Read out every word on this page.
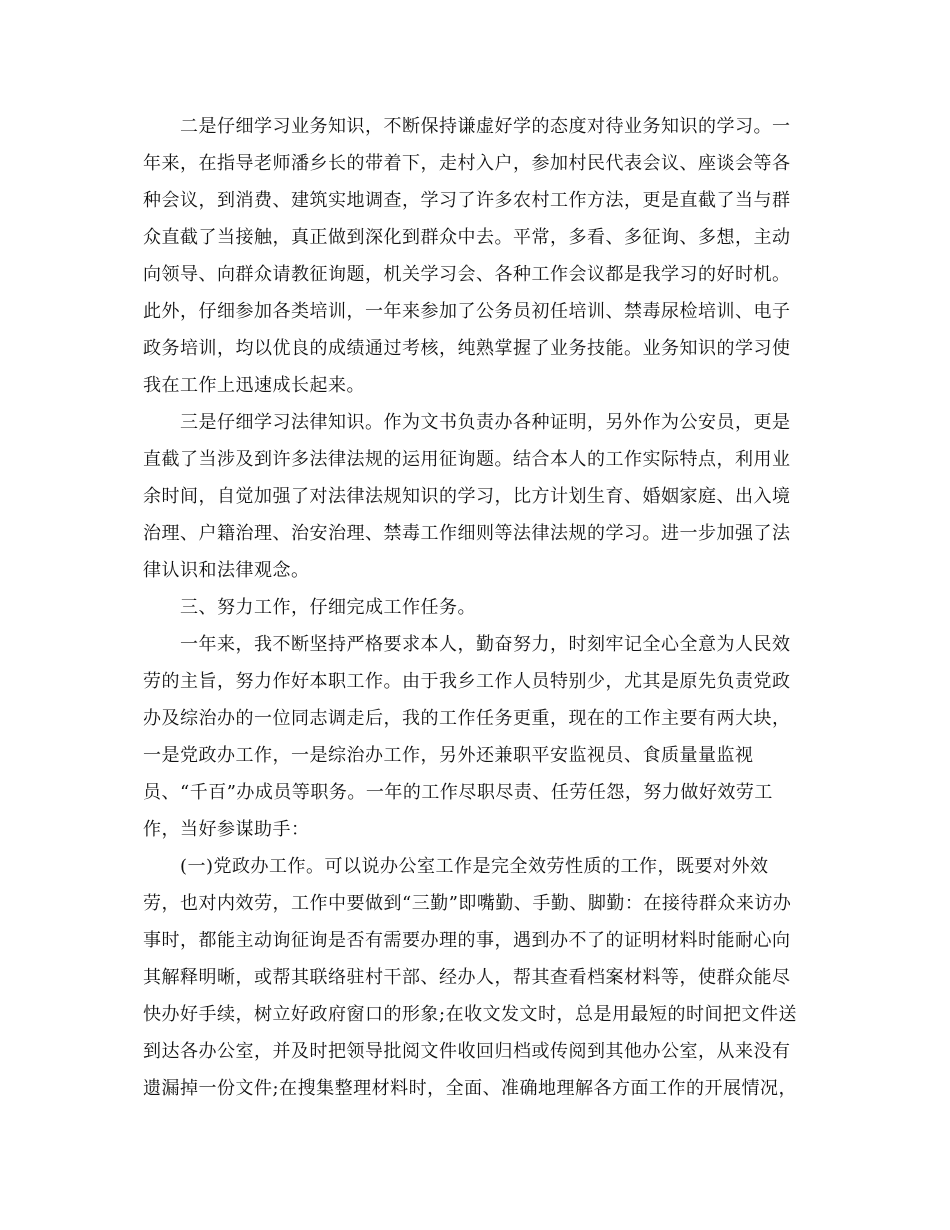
　　二是仔细学习业务知识，不断保持谦虚好学的态度对待业务知识的学习。一
年来，在指导老师潘乡长的带着下，走村入户，参加村民代表会议、座谈会等各
种会议，到消费、建筑实地调查，学习了许多农村工作方法，更是直截了当与群
众直截了当接触，真正做到深化到群众中去。平常，多看、多征询、多想，主动
向领导、向群众请教征询题，机关学习会、各种工作会议都是我学习的好时机。
此外，仔细参加各类培训，一年来参加了公务员初任培训、禁毒尿检培训、电子
政务培训，均以优良的成绩通过考核，纯熟掌握了业务技能。业务知识的学习使
我在工作上迅速成长起来。
　　三是仔细学习法律知识。作为文书负责办各种证明，另外作为公安员，更是
直截了当涉及到许多法律法规的运用征询题。结合本人的工作实际特点，利用业
余时间，自觉加强了对法律法规知识的学习，比方计划生育、婚姻家庭、出入境
治理、户籍治理、治安治理、禁毒工作细则等法律法规的学习。进一步加强了法
律认识和法律观念。
　　三、努力工作，仔细完成工作任务。
　　一年来，我不断坚持严格要求本人，勤奋努力，时刻牢记全心全意为人民效
劳的主旨，努力作好本职工作。由于我乡工作人员特别少，尤其是原先负责党政
办及综治办的一位同志调走后，我的工作任务更重，现在的工作主要有两大块，
一是党政办工作，一是综治办工作，另外还兼职平安监视员、食质量量监视
员、“千百”办成员等职务。一年的工作尽职尽责、任劳任怨，努力做好效劳工
作，当好参谋助手：
　　(一)党政办工作。可以说办公室工作是完全效劳性质的工作，既要对外效
劳，也对内效劳，工作中要做到“三勤”即嘴勤、手勤、脚勤：在接待群众来访办
事时，都能主动询征询是否有需要办理的事，遇到办不了的证明材料时能耐心向
其解释明晰，或帮其联络驻村干部、经办人，帮其查看档案材料等，使群众能尽
快办好手续，树立好政府窗口的形象;在收文发文时，总是用最短的时间把文件送
到达各办公室，并及时把领导批阅文件收回归档或传阅到其他办公室，从来没有
遗漏掉一份文件;在搜集整理材料时，全面、准确地理解各方面工作的开展情况，
